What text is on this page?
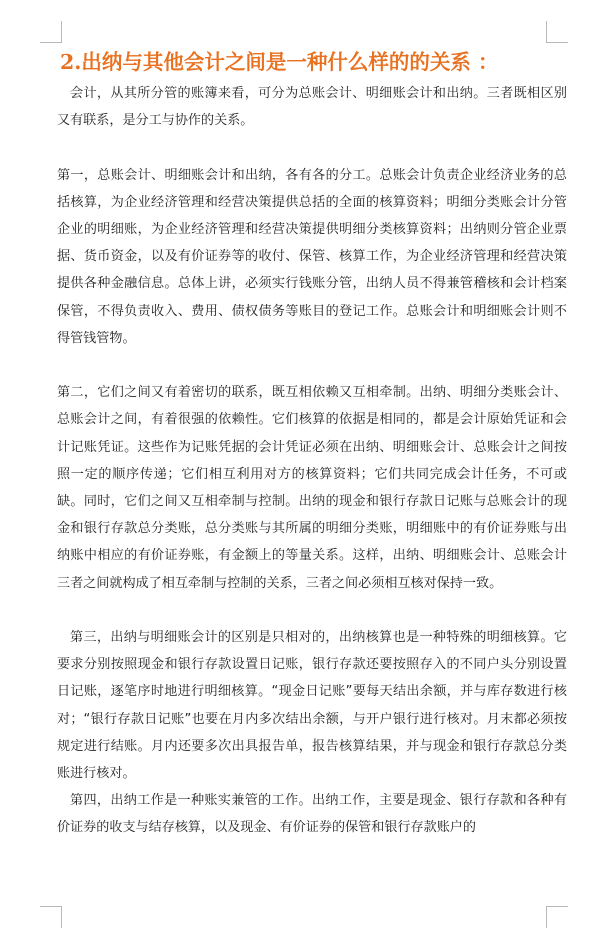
2.出纳与其他会计之间是一种什么样的的关系 ：

会计，从其所分管的账簿来看，可分为总账会计、明细账会计和出纳。三者既相区别又有联系，是分工与协作的关系。

第一，总账会计、明细账会计和出纳，各有各的分工。总账会计负责企业经济业务的总括核算，为企业经济管理和经营决策提供总括的全面的核算资料；明细分类账会计分管企业的明细账，为企业经济管理和经营决策提供明细分类核算资料；出纳则分管企业票据、货币资金，以及有价证券等的收付、保管、核算工作，为企业经济管理和经营决策提供各种金融信息。总体上讲，必须实行钱账分管，出纳人员不得兼管稽核和会计档案保管，不得负责收入、费用、债权债务等账目的登记工作。总账会计和明细账会计则不得管钱管物。

第二，它们之间又有着密切的联系，既互相依赖又互相牵制。出纳、明细分类账会计、总账会计之间，有着很强的依赖性。它们核算的依据是相同的，都是会计原始凭证和会计记账凭证。这些作为记账凭据的会计凭证必须在出纳、明细账会计、总账会计之间按照一定的顺序传递；它们相互利用对方的核算资料；它们共同完成会计任务，不可或缺。同时，它们之间又互相牵制与控制。出纳的现金和银行存款日记账与总账会计的现金和银行存款总分类账，总分类账与其所属的明细分类账，明细账中的有价证券账与出纳账中相应的有价证券账，有金额上的等量关系。这样，出纳、明细账会计、总账会计三者之间就构成了相互牵制与控制的关系，三者之间必须相互核对保持一致。

第三，出纳与明细账会计的区别是只相对的，出纳核算也是一种特殊的明细核算。它要求分别按照现金和银行存款设置日记账，银行存款还要按照存入的不同户头分别设置日记账，逐笔序时地进行明细核算。“现金日记账”要每天结出余额，并与库存数进行核对；“银行存款日记账”也要在月内多次结出余额，与开户银行进行核对。月末都必须按规定进行结账。月内还要多次出具报告单，报告核算结果，并与现金和银行存款总分类账进行核对。

第四，出纳工作是一种账实兼管的工作。出纳工作，主要是现金、银行存款和各种有价证券的收支与结存核算，以及现金、有价证券的保管和银行存款账户的
